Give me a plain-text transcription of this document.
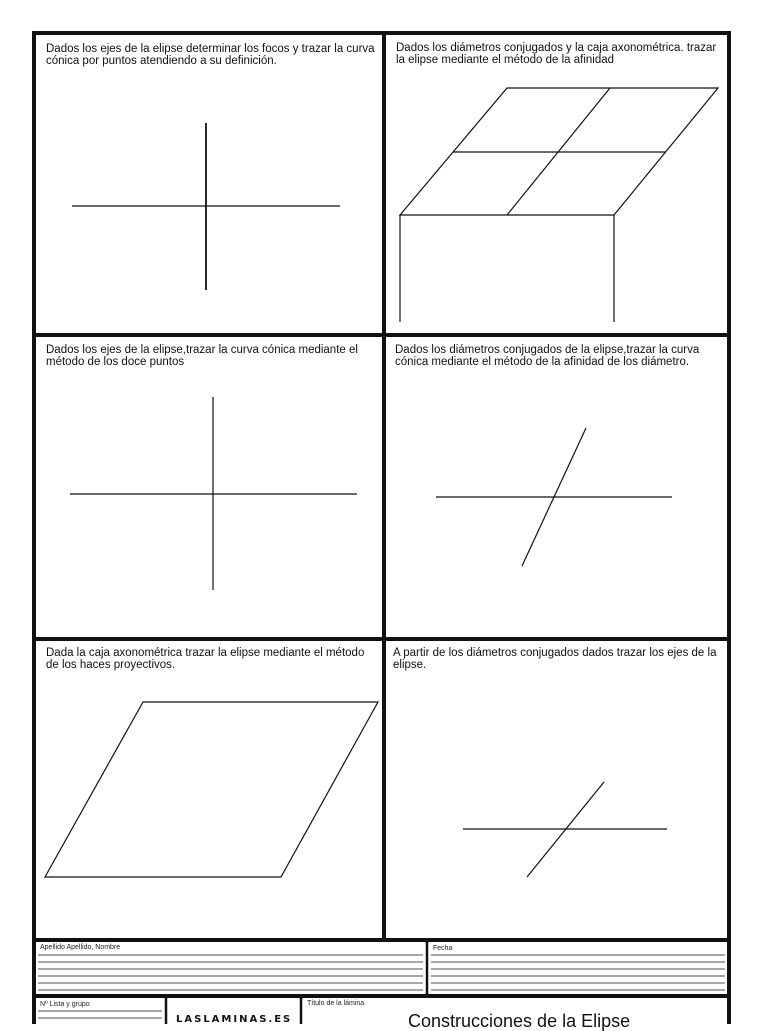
Dados los ejes de la elipse determinar los focos y trazar la curva cónica por puntos atendiendo a su definición.
Dados los diámetros conjugados y la caja axonométrica. trazar la elipse mediante el método de la afinidad
Dados los ejes de la elipse,trazar la curva cónica mediante el método de los doce puntos
Dados los diámetros conjugados de la elipse,trazar la curva cónica mediante el método de la afinidad de los diámetro.
Dada la caja axonométrica trazar la elipse mediante el método de los haces proyectivos.
A partir de los diámetros conjugados dados trazar los ejes de la elipse.
Apellido Apellido, Nombre	Fecha
Nº Lista y grupo
LASLAMINAS.ES
Título de la lámina
Construcciones de la Elipse
